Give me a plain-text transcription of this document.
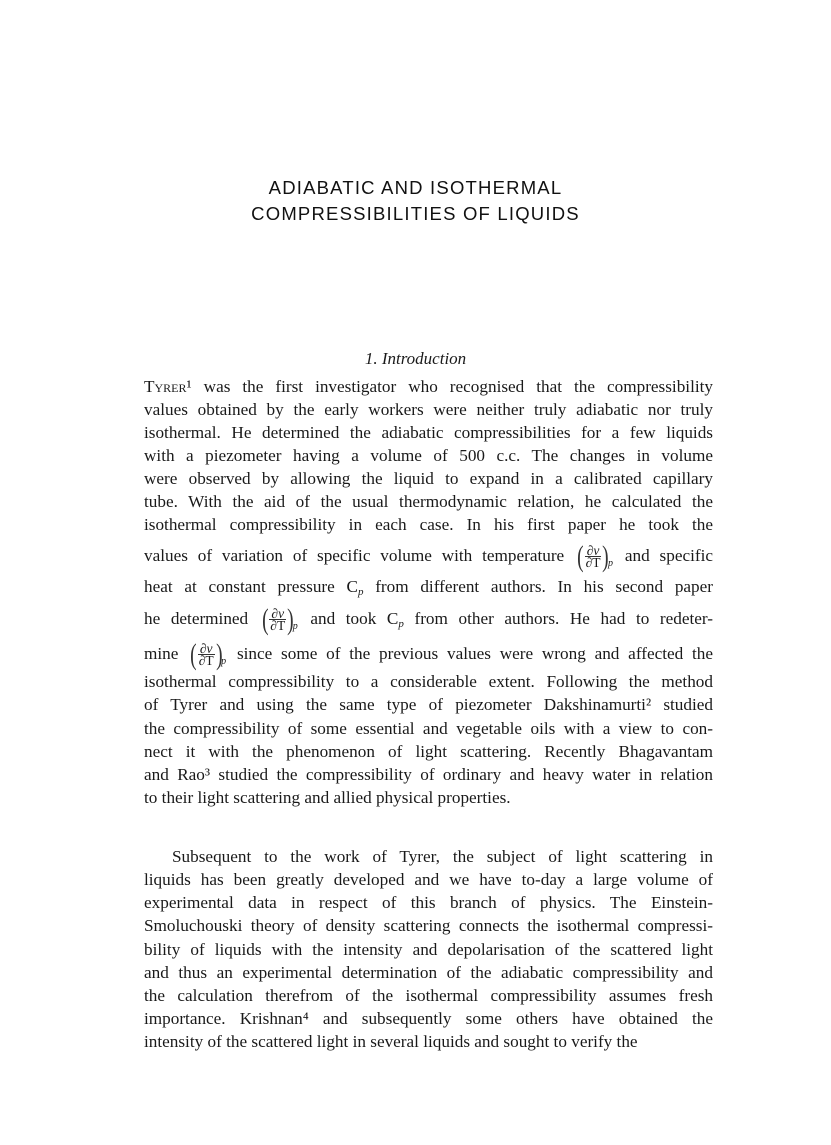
ADIABATIC AND ISOTHERMAL
COMPRESSIBILITIES OF LIQUIDS
1. Introduction
Tyrer¹ was the first investigator who recognised that the compressibility
values obtained by the early workers were neither truly adiabatic nor truly
isothermal. He determined the adiabatic compressibilities for a few liquids
with a piezometer having a volume of 500 c.c. The changes in volume
were observed by allowing the liquid to expand in a calibrated capillary
tube. With the aid of the usual thermodynamic relation, he calculated the
isothermal compressibility in each case. In his first paper he took the
values of variation of specific volume with temperature ( $\frac{\partial v}{\partial T}$ ) p and specific
heat at constant pressure $C_p$ from different authors. In his second paper
he determined ( $\frac{\partial v}{\partial T}$ ) p and took $C_p$ from other authors. He had to redeter-
mine ( $\frac{\partial v}{\partial T}$ ) p since some of the previous values were wrong and affected the
isothermal compressibility to a considerable extent. Following the method
of Tyrer and using the same type of piezometer Dakshinamurti² studied
the compressibility of some essential and vegetable oils with a view to con-
nect it with the phenomenon of light scattering. Recently Bhagavantam
and Rao³ studied the compressibility of ordinary and heavy water in relation
to their light scattering and allied physical properties.
Subsequent to the work of Tyrer, the subject of light scattering in
liquids has been greatly developed and we have to-day a large volume of
experimental data in respect of this branch of physics. The Einstein-
Smoluchouski theory of density scattering connects the isothermal compressi-
bility of liquids with the intensity and depolarisation of the scattered light
and thus an experimental determination of the adiabatic compressibility and
the calculation therefrom of the isothermal compressibility assumes fresh
importance. Krishnan⁴ and subsequently some others have obtained the
intensity of the scattered light in several liquids and sought to verify the
